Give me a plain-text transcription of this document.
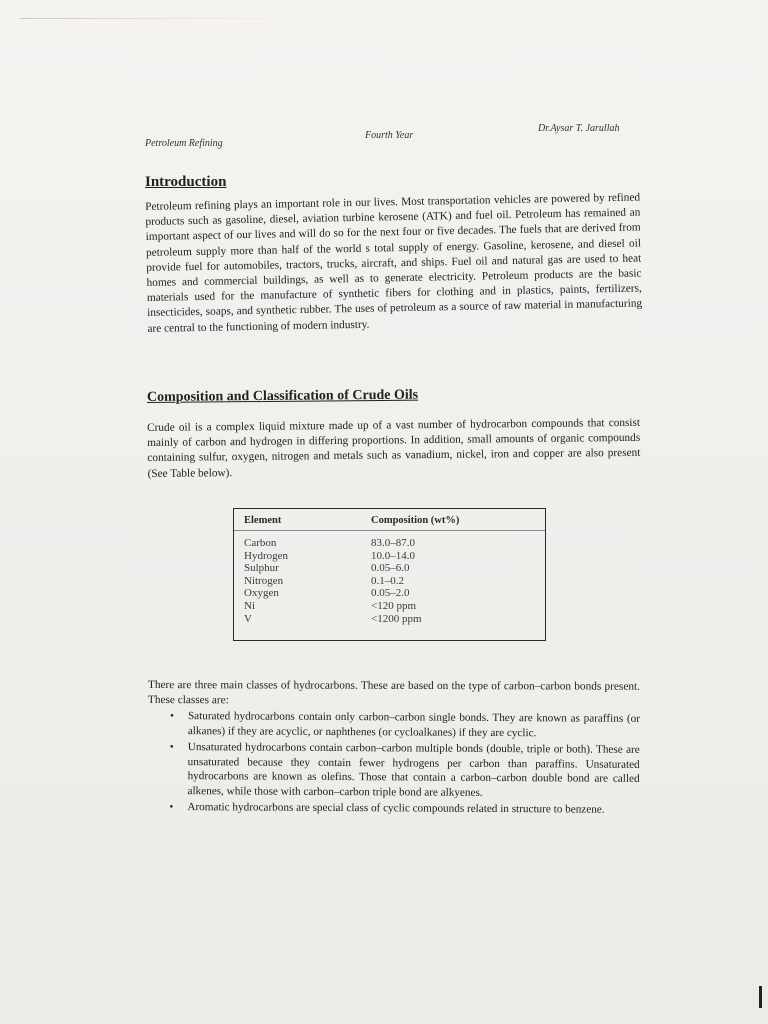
Petroleum Refining
Fourth Year
Dr.Aysar T. Jarullah
Introduction
Petroleum refining plays an important role in our lives. Most transportation vehicles are powered by refined products such as gasoline, diesel, aviation turbine kerosene (ATK) and fuel oil. Petroleum has remained an important aspect of our lives and will do so for the next four or five decades. The fuels that are derived from petroleum supply more than half of the world s total supply of energy. Gasoline, kerosene, and diesel oil provide fuel for automobiles, tractors, trucks, aircraft, and ships. Fuel oil and natural gas are used to heat homes and commercial buildings, as well as to generate electricity. Petroleum products are the basic materials used for the manufacture of synthetic fibers for clothing and in plastics, paints, fertilizers, insecticides, soaps, and synthetic rubber. The uses of petroleum as a source of raw material in manufacturing are central to the functioning of modern industry.
Composition and Classification of Crude Oils
Crude oil is a complex liquid mixture made up of a vast number of hydrocarbon compounds that consist mainly of carbon and hydrogen in differing proportions. In addition, small amounts of organic compounds containing sulfur, oxygen, nitrogen and metals such as vanadium, nickel, iron and copper are also present (See Table below).
Element	Composition (wt%)
Carbon	83.0–87.0
Hydrogen	10.0–14.0
Sulphur	0.05–6.0
Nitrogen	0.1–0.2
Oxygen	0.05–2.0
Ni	<120 ppm
V	<1200 ppm
There are three main classes of hydrocarbons. These are based on the type of carbon–carbon bonds present. These classes are:
• Saturated hydrocarbons contain only carbon–carbon single bonds. They are known as paraffins (or alkanes) if they are acyclic, or naphthenes (or cycloalkanes) if they are cyclic.
• Unsaturated hydrocarbons contain carbon–carbon multiple bonds (double, triple or both). These are unsaturated because they contain fewer hydrogens per carbon than paraffins. Unsaturated hydrocarbons are known as olefins. Those that contain a carbon–carbon double bond are called alkenes, while those with carbon–carbon triple bond are alkyenes.
• Aromatic hydrocarbons are special class of cyclic compounds related in structure to benzene.
